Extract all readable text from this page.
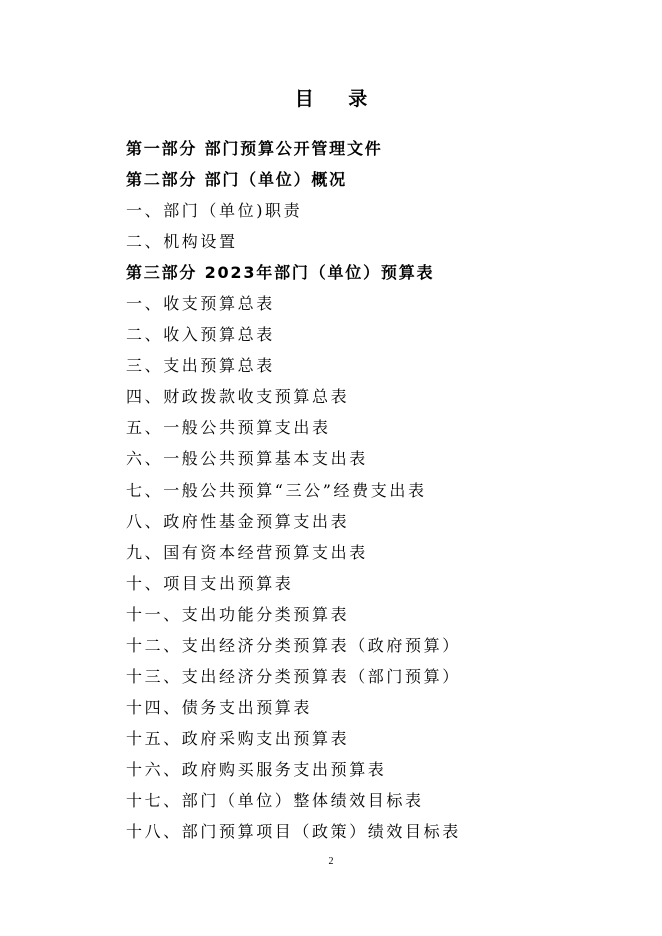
目 录
第一部分 部门预算公开管理文件
第二部分 部门（单位）概况
一、部门（单位)职责
二、机构设置
第三部分 2023年部门（单位）预算表
一、收支预算总表
二、收入预算总表
三、支出预算总表
四、财政拨款收支预算总表
五、一般公共预算支出表
六、一般公共预算基本支出表
七、一般公共预算“三公”经费支出表
八、政府性基金预算支出表
九、国有资本经营预算支出表
十、项目支出预算表
十一、支出功能分类预算表
十二、支出经济分类预算表（政府预算）
十三、支出经济分类预算表（部门预算）
十四、债务支出预算表
十五、政府采购支出预算表
十六、政府购买服务支出预算表
十七、部门（单位）整体绩效目标表
十八、部门预算项目（政策）绩效目标表
2
